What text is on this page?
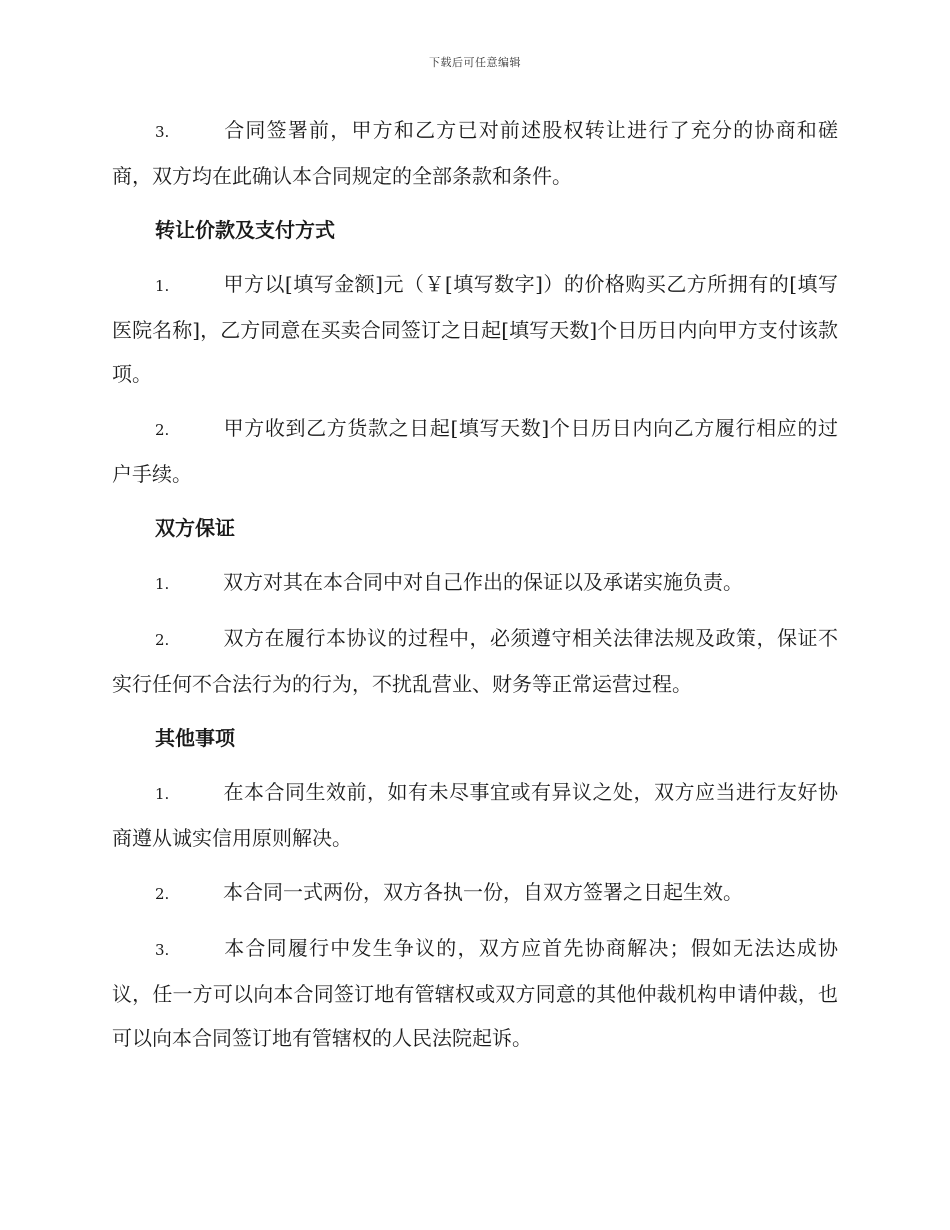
下载后可任意编辑

3.	合同签署前，甲方和乙方已对前述股权转让进行了充分的协商和磋商，双方均在此确认本合同规定的全部条款和条件。

转让价款及支付方式

1.	甲方以[填写金额]元（￥[填写数字]）的价格购买乙方所拥有的[填写医院名称]，乙方同意在买卖合同签订之日起[填写天数]个日历日内向甲方支付该款项。

2.	甲方收到乙方货款之日起[填写天数]个日历日内向乙方履行相应的过户手续。

双方保证

1.	双方对其在本合同中对自己作出的保证以及承诺实施负责。

2.	双方在履行本协议的过程中，必须遵守相关法律法规及政策，保证不实行任何不合法行为的行为，不扰乱营业、财务等正常运营过程。

其他事项

1.	在本合同生效前，如有未尽事宜或有异议之处，双方应当进行友好协商遵从诚实信用原则解决。

2.	本合同一式两份，双方各执一份，自双方签署之日起生效。

3.	本合同履行中发生争议的，双方应首先协商解决；假如无法达成协议，任一方可以向本合同签订地有管辖权或双方同意的其他仲裁机构申请仲裁，也可以向本合同签订地有管辖权的人民法院起诉。
